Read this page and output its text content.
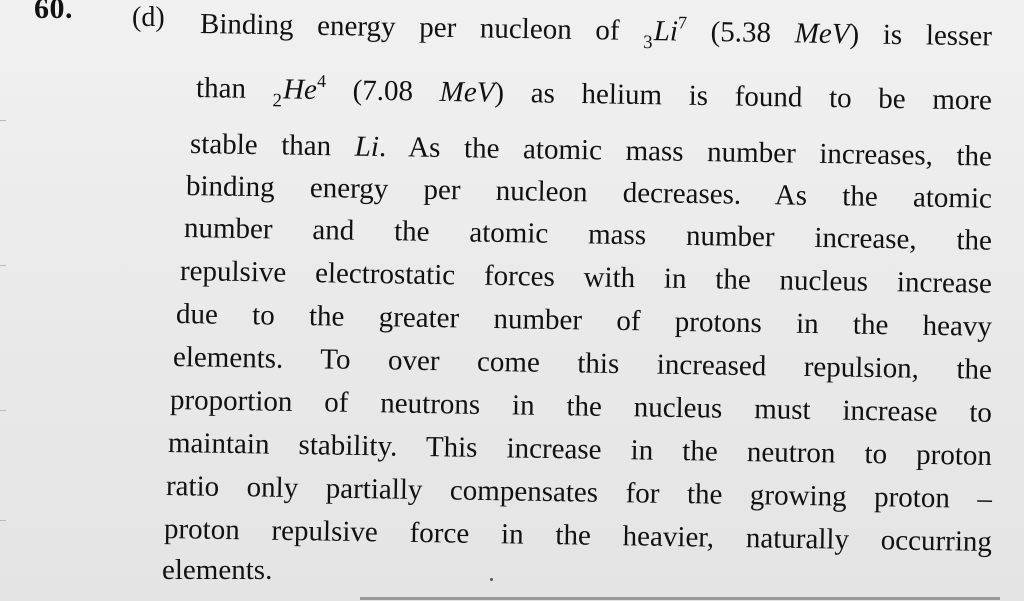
60. (d) Binding energy per nucleon of $_3Li^7$ (5.38 MeV) is lesser
than $_2He^4$ (7.08 MeV) as helium is found to be more
stable than Li. As the atomic mass number increases, the
binding energy per nucleon decreases. As the atomic
number and the atomic mass number increase, the
repulsive electrostatic forces with in the nucleus increase
due to the greater number of protons in the heavy
elements. To over come this increased repulsion, the
proportion of neutrons in the nucleus must increase to
maintain stability. This increase in the neutron to proton
ratio only partially compensates for the growing proton –
proton repulsive force in the heavier, naturally occurring
elements.
